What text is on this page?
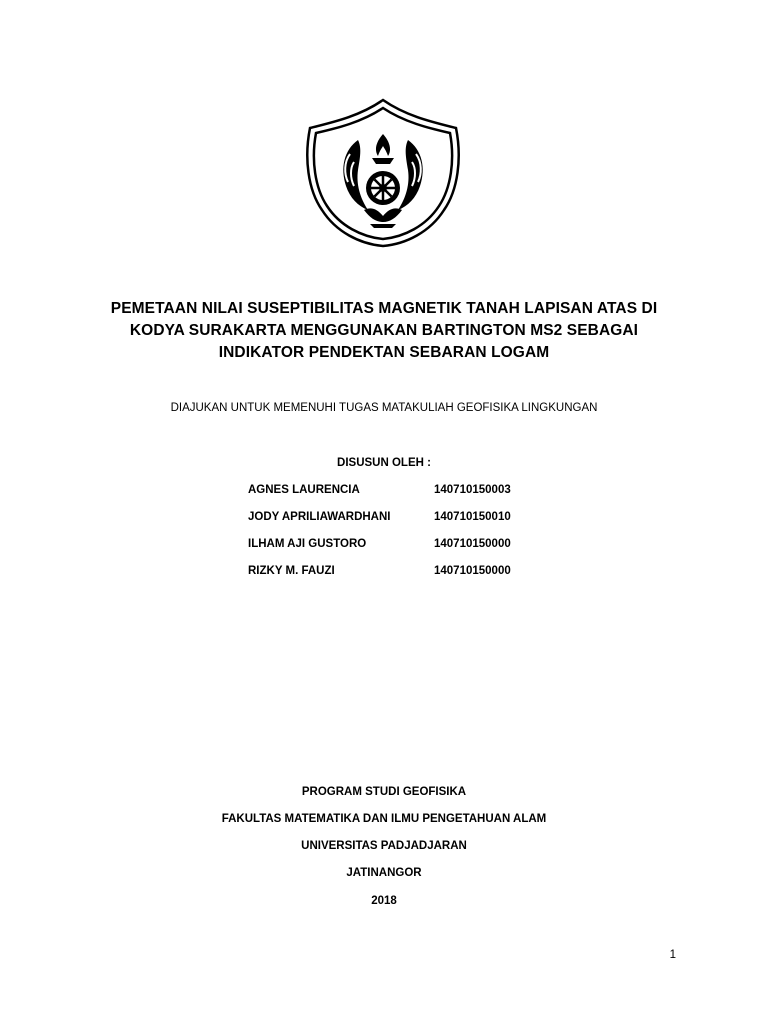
PEMETAAN NILAI SUSEPTIBILITAS MAGNETIK TANAH LAPISAN ATAS DI
KODYA SURAKARTA MENGGUNAKAN BARTINGTON MS2 SEBAGAI
INDIKATOR PENDEKTAN SEBARAN LOGAM
DIAJUKAN UNTUK MEMENUHI TUGAS MATAKULIAH GEOFISIKA LINGKUNGAN
DISUSUN OLEH :
AGNES LAURENCIA	140710150003
JODY APRILIAWARDHANI	140710150010
ILHAM AJI GUSTORO	140710150000
RIZKY M. FAUZI	140710150000
PROGRAM STUDI GEOFISIKA
FAKULTAS MATEMATIKA DAN ILMU PENGETAHUAN ALAM
UNIVERSITAS PADJADJARAN
JATINANGOR
2018
1
